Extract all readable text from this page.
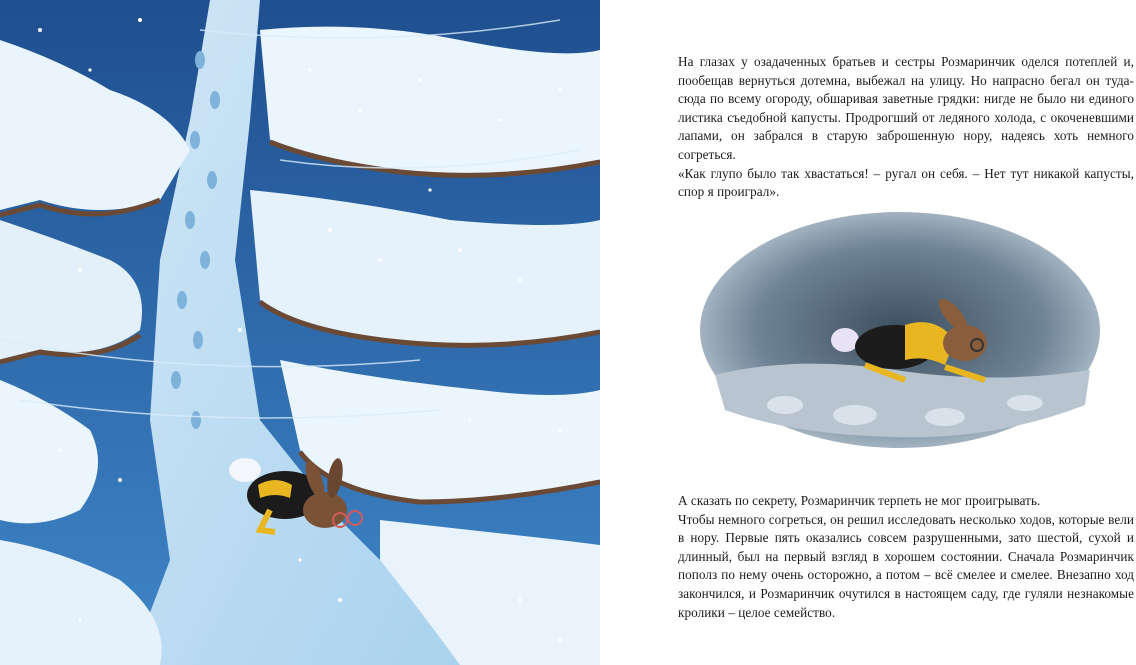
На глазах у озадаченных братьев и сестры Розмаринчик оделся потеплей и, пообещав вернуться дотемна, выбежал на улицу. Но напрасно бегал он туда-сюда по всему огороду, обшаривая заветные грядки: нигде не было ни единого листика съедобной капусты. Продрогший от ледяного холода, с окоченевшими лапами, он забрался в старую заброшенную нору, надеясь хоть немного согреться.

«Как глупо было так хвастаться! – ругал он себя. – Нет тут никакой капусты, спор я проиграл».

А сказать по секрету, Розмаринчик терпеть не мог проигрывать.

Чтобы немного согреться, он решил исследовать несколько ходов, которые вели в нору. Первые пять оказались совсем разрушенными, зато шестой, сухой и длинный, был на первый взгляд в хорошем состоянии. Сначала Розмаринчик пополз по нему очень осторожно, а потом – всё смелее и смелее. Внезапно ход закончился, и Розмаринчик очутился в настоящем саду, где гуляли незнакомые кролики – целое семейство.
